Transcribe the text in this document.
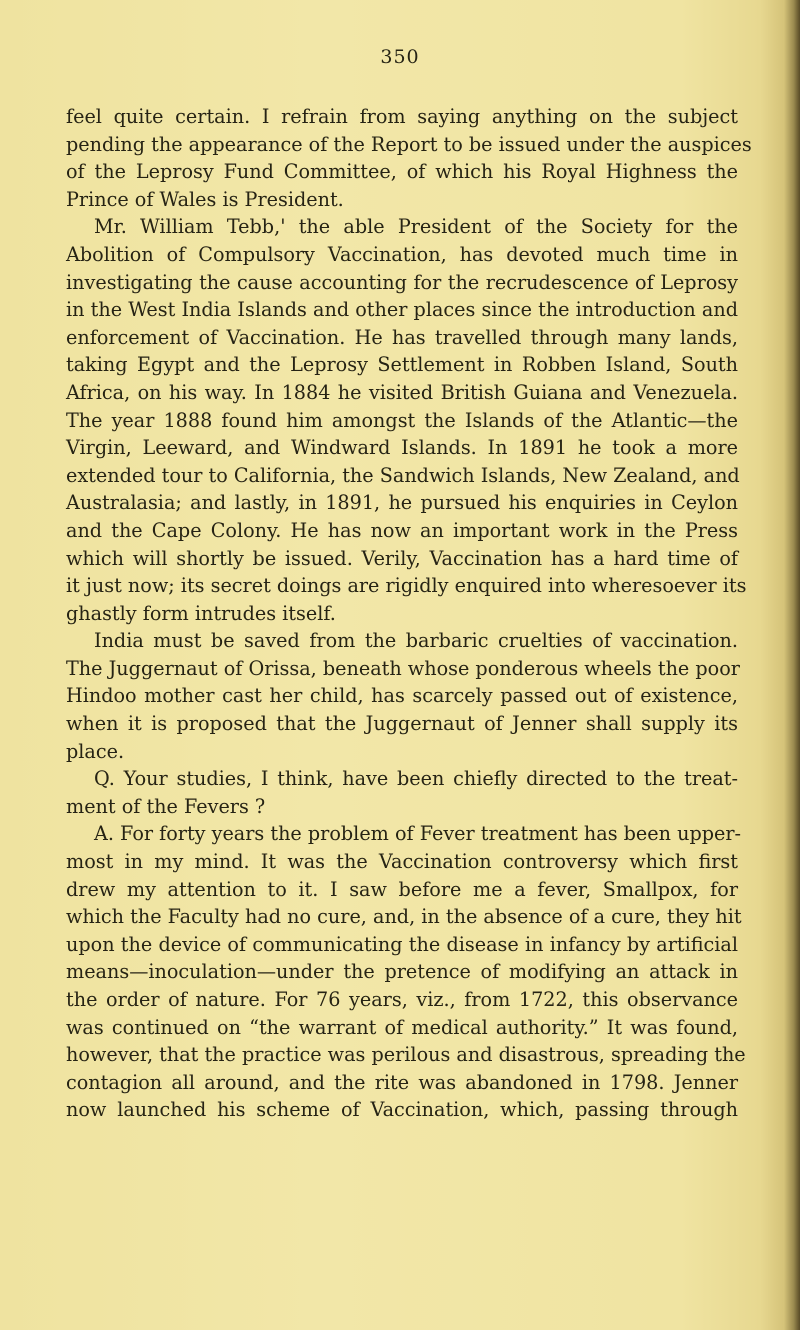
350
feel quite certain. I refrain from saying anything on the subject
pending the appearance of the Report to be issued under the auspices
of the Leprosy Fund Committee, of which his Royal Highness the
Prince of Wales is President.
Mr. William Tebb,' the able President of the Society for the
Abolition of Compulsory Vaccination, has devoted much time in
investigating the cause accounting for the recrudescence of Leprosy
in the West India Islands and other places since the introduction and
enforcement of Vaccination. He has travelled through many lands,
taking Egypt and the Leprosy Settlement in Robben Island, South
Africa, on his way. In 1884 he visited British Guiana and Venezuela.
The year 1888 found him amongst the Islands of the Atlantic—the
Virgin, Leeward, and Windward Islands. In 1891 he took a more
extended tour to California, the Sandwich Islands, New Zealand, and
Australasia; and lastly, in 1891, he pursued his enquiries in Ceylon
and the Cape Colony. He has now an important work in the Press
which will shortly be issued. Verily, Vaccination has a hard time of
it just now; its secret doings are rigidly enquired into wheresoever its
ghastly form intrudes itself.
India must be saved from the barbaric cruelties of vaccination.
The Juggernaut of Orissa, beneath whose ponderous wheels the poor
Hindoo mother cast her child, has scarcely passed out of existence,
when it is proposed that the Juggernaut of Jenner shall supply its
place.
Q. Your studies, I think, have been chiefly directed to the treat-
ment of the Fevers ?
A. For forty years the problem of Fever treatment has been upper-
most in my mind. It was the Vaccination controversy which first
drew my attention to it. I saw before me a fever, Smallpox, for
which the Faculty had no cure, and, in the absence of a cure, they hit
upon the device of communicating the disease in infancy by artificial
means—inoculation—under the pretence of modifying an attack in
the order of nature. For 76 years, viz., from 1722, this observance
was continued on “the warrant of medical authority.” It was found,
however, that the practice was perilous and disastrous, spreading the
contagion all around, and the rite was abandoned in 1798. Jenner
now launched his scheme of Vaccination, which, passing through
